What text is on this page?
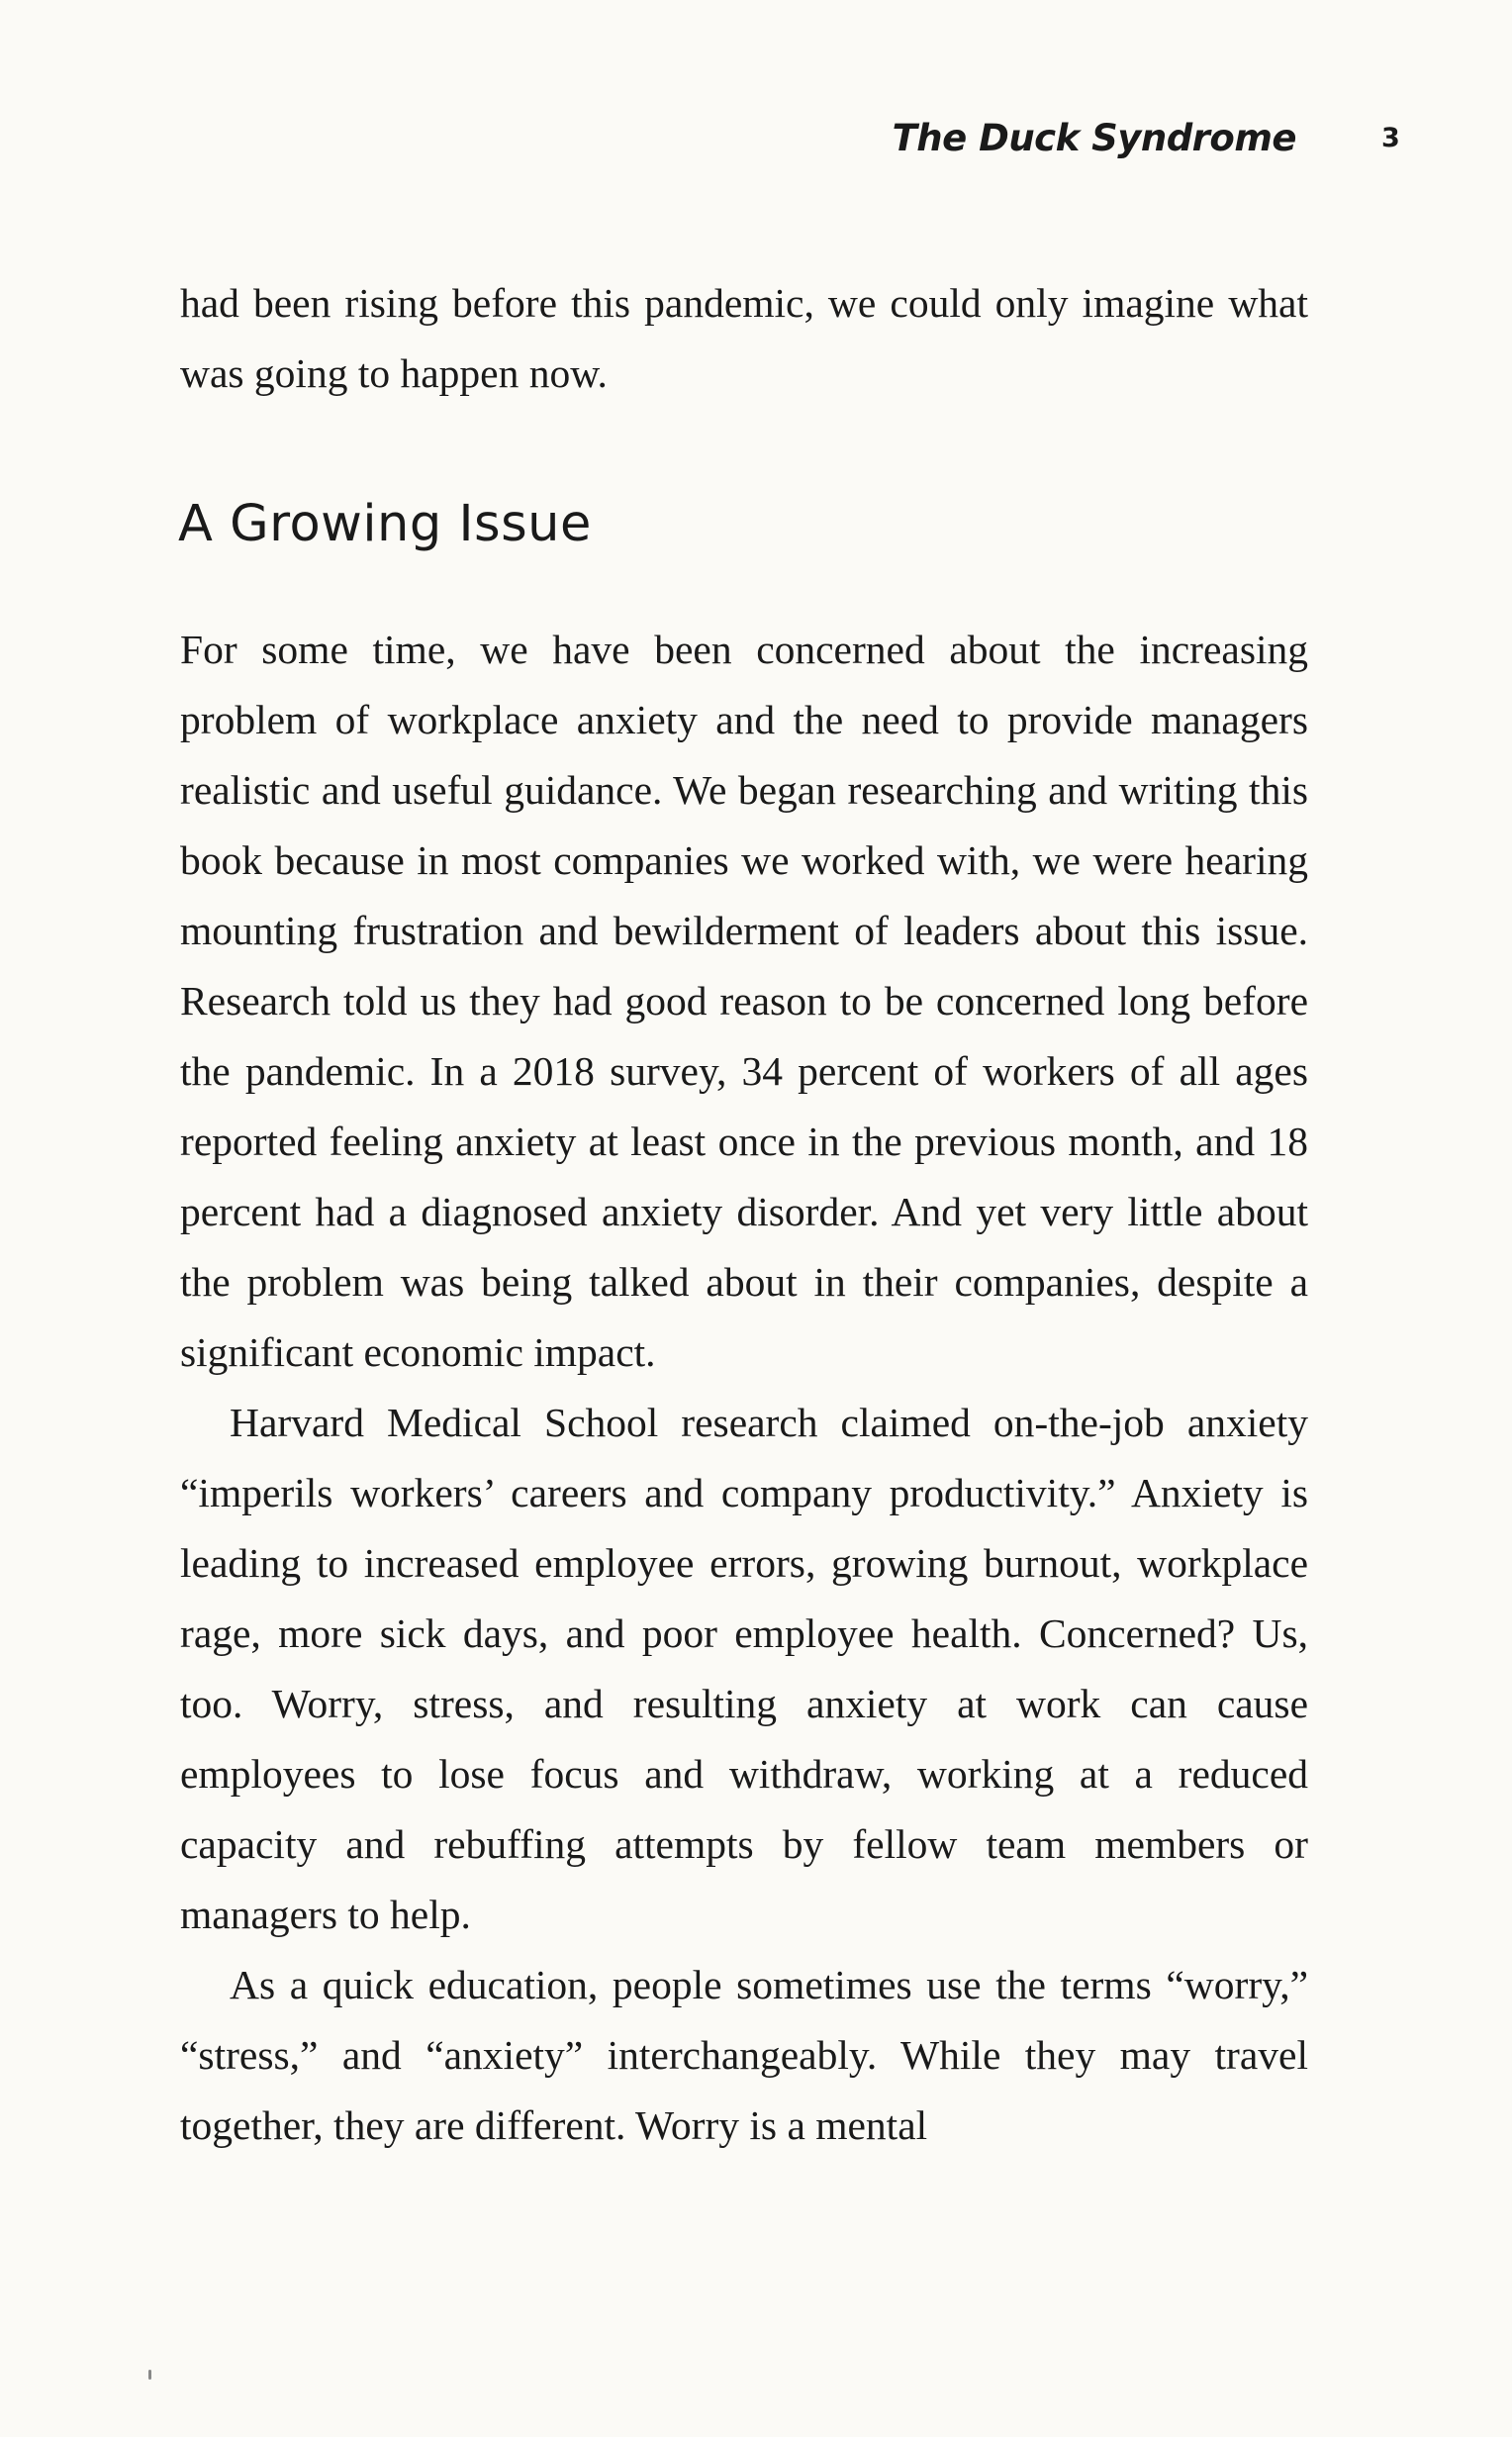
The Duck Syndrome	3

had been rising before this pandemic, we could only imagine what was going to happen now.

A Growing Issue

For some time, we have been concerned about the increasing problem of workplace anxiety and the need to provide managers realistic and useful guidance. We began researching and writing this book because in most companies we worked with, we were hearing mounting frustration and bewilderment of leaders about this issue. Research told us they had good reason to be concerned long before the pandemic. In a 2018 survey, 34 percent of workers of all ages reported feeling anxiety at least once in the previous month, and 18 percent had a diagnosed anxiety disorder. And yet very little about the problem was being talked about in their companies, despite a significant economic impact.

Harvard Medical School research claimed on-the-job anxiety “imperils workers’ careers and company productivity.” Anxiety is leading to increased employee errors, growing burnout, workplace rage, more sick days, and poor employee health. Concerned? Us, too. Worry, stress, and resulting anxiety at work can cause employees to lose focus and withdraw, working at a reduced capacity and rebuffing attempts by fellow team members or managers to help.

As a quick education, people sometimes use the terms “worry,” “stress,” and “anxiety” interchangeably. While they may travel together, they are different. Worry is a mental
